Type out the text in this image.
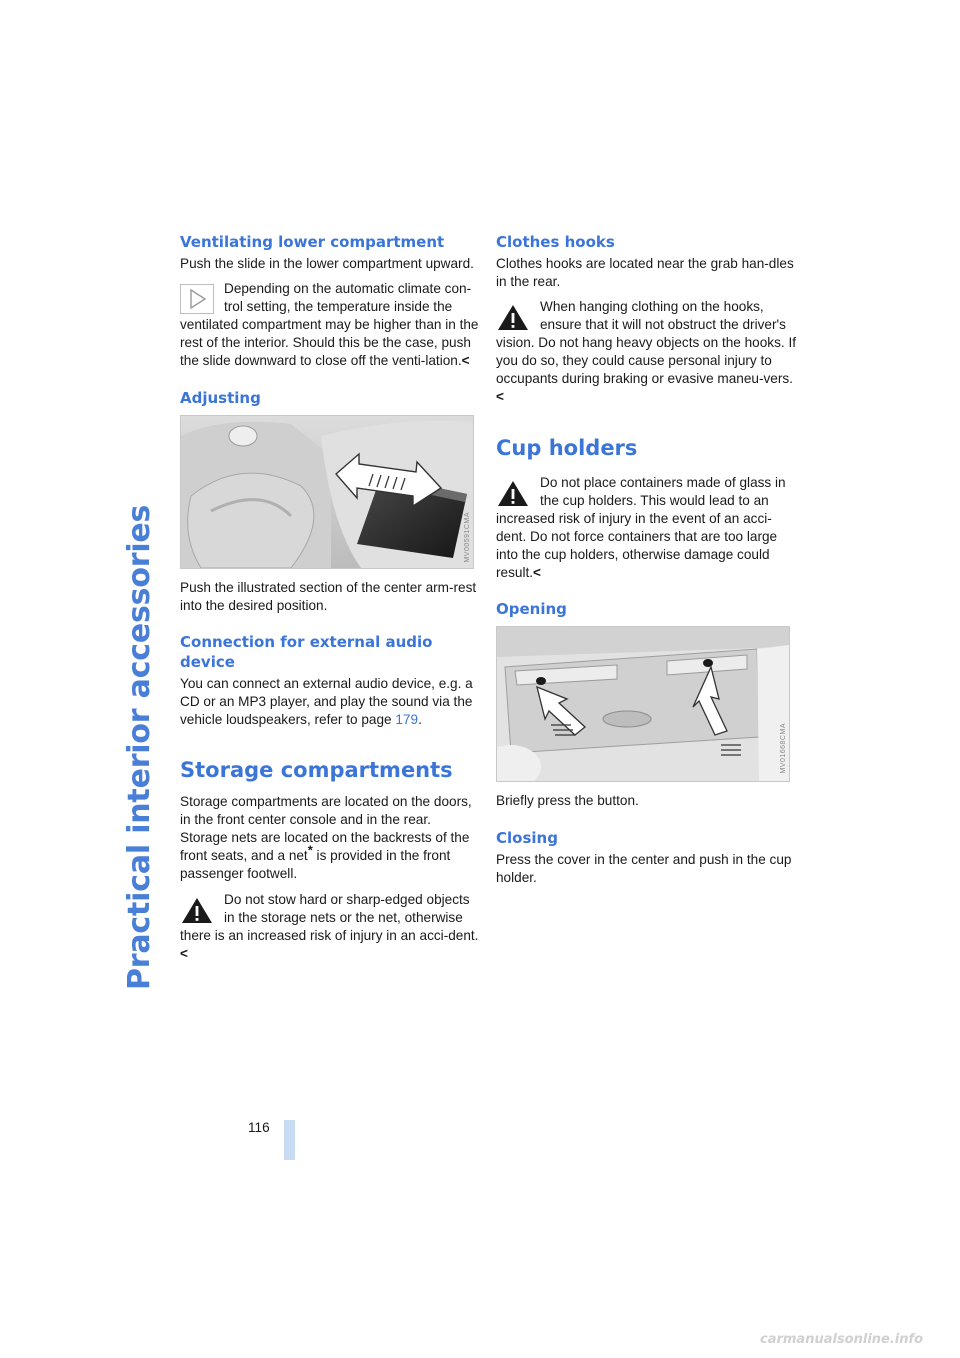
Practical interior accessories
Ventilating lower compartment

Push the slide in the lower compartment upward.

Depending on the automatic climate con-trol setting, the temperature inside the ventilated compartment may be higher than in the rest of the interior. Should this be the case, push the slide downward to close off the venti-lation.<
Adjusting
MV00591CMA

Push the illustrated section of the center arm-rest into the desired position.

Connection for external audio device

You can connect an external audio device, e.g. a CD or an MP3 player, and play the sound via the vehicle loudspeakers, refer to page 179.

Storage compartments

Storage compartments are located on the doors, in the front center console and in the rear.

Storage nets are located on the backrests of the front seats, and a net* is provided in the front passenger footwell.

Do not stow hard or sharp-edged objects in the storage nets or the net, otherwise there is an increased risk of injury in an acci-dent.<
Clothes hooks

Clothes hooks are located near the grab han-dles in the rear.

When hanging clothing on the hooks, ensure that it will not obstruct the driver's vision. Do not hang heavy objects on the hooks. If you do so, they could cause personal injury to occupants during braking or evasive maneu-vers.<
Cup holders
Do not place containers made of glass in the cup holders. This would lead to an increased risk of injury in the event of an acci-dent. Do not force containers that are too large into the cup holders, otherwise damage could result.<
Opening
MV01668CMA

Briefly press the button.

Closing

Press the cover in the center and push in the cup holder.

116
carmanualsonline.info
